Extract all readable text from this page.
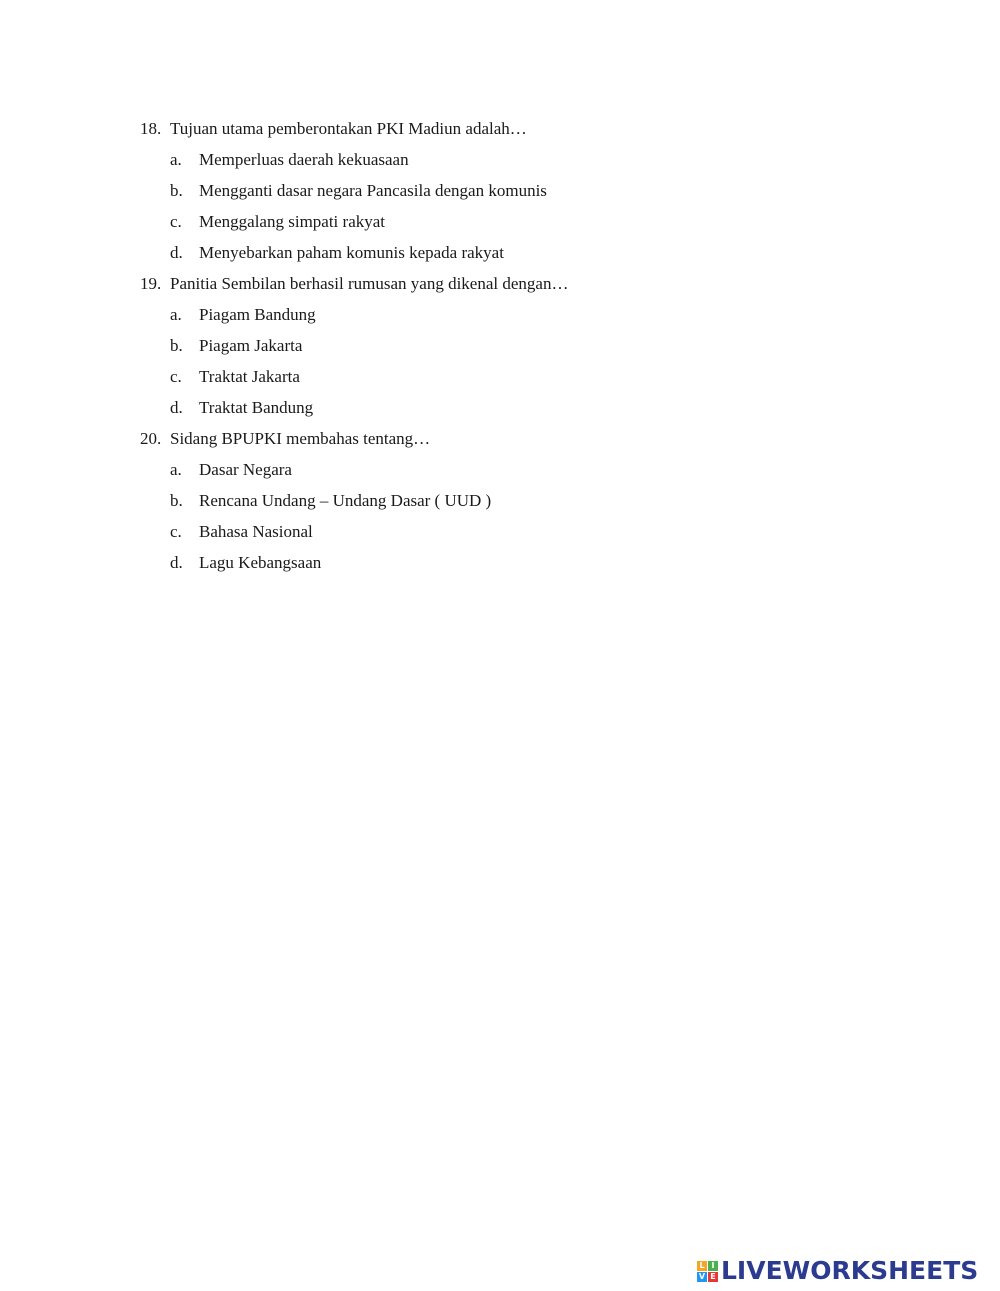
18. Tujuan utama pemberontakan PKI Madiun adalah…
a. Memperluas daerah kekuasaan
b. Mengganti dasar negara Pancasila dengan komunis
c. Menggalang simpati rakyat
d. Menyebarkan paham komunis kepada rakyat
19. Panitia Sembilan berhasil rumusan yang dikenal dengan…
a. Piagam Bandung
b. Piagam Jakarta
c. Traktat Jakarta
d. Traktat Bandung
20. Sidang BPUPKI membahas tentang…
a. Dasar Negara
b. Rencana Undang – Undang Dasar ( UUD )
c. Bahasa Nasional
d. Lagu Kebangsaan
L I
V E LIVEWORKSHEETS
